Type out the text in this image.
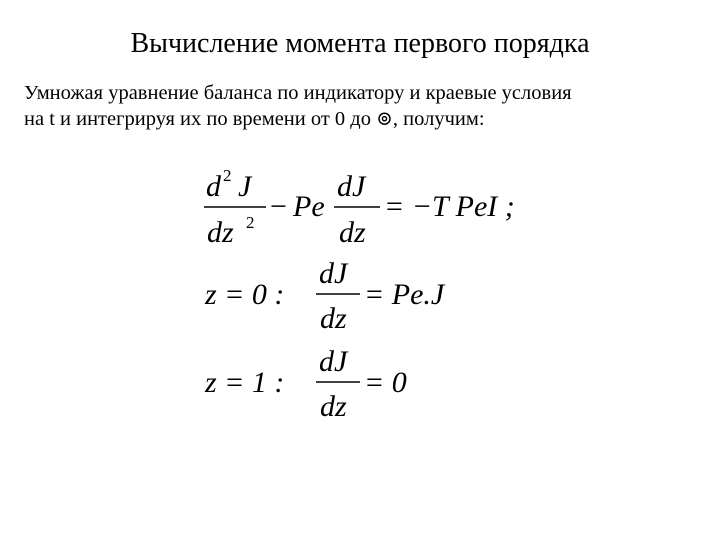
Вычисление момента первого порядка

Умножая уравнение баланса по индикатору и краевые условия

на t и интегрируя их по времени от 0 до ⊚, получим:

d 2 J
dz 2 − Pe
dJ
dz
= −T PeI ;
z = 0 :
dJ
dz
= Pe.J
z = 1 :
dJ
dz
= 0
